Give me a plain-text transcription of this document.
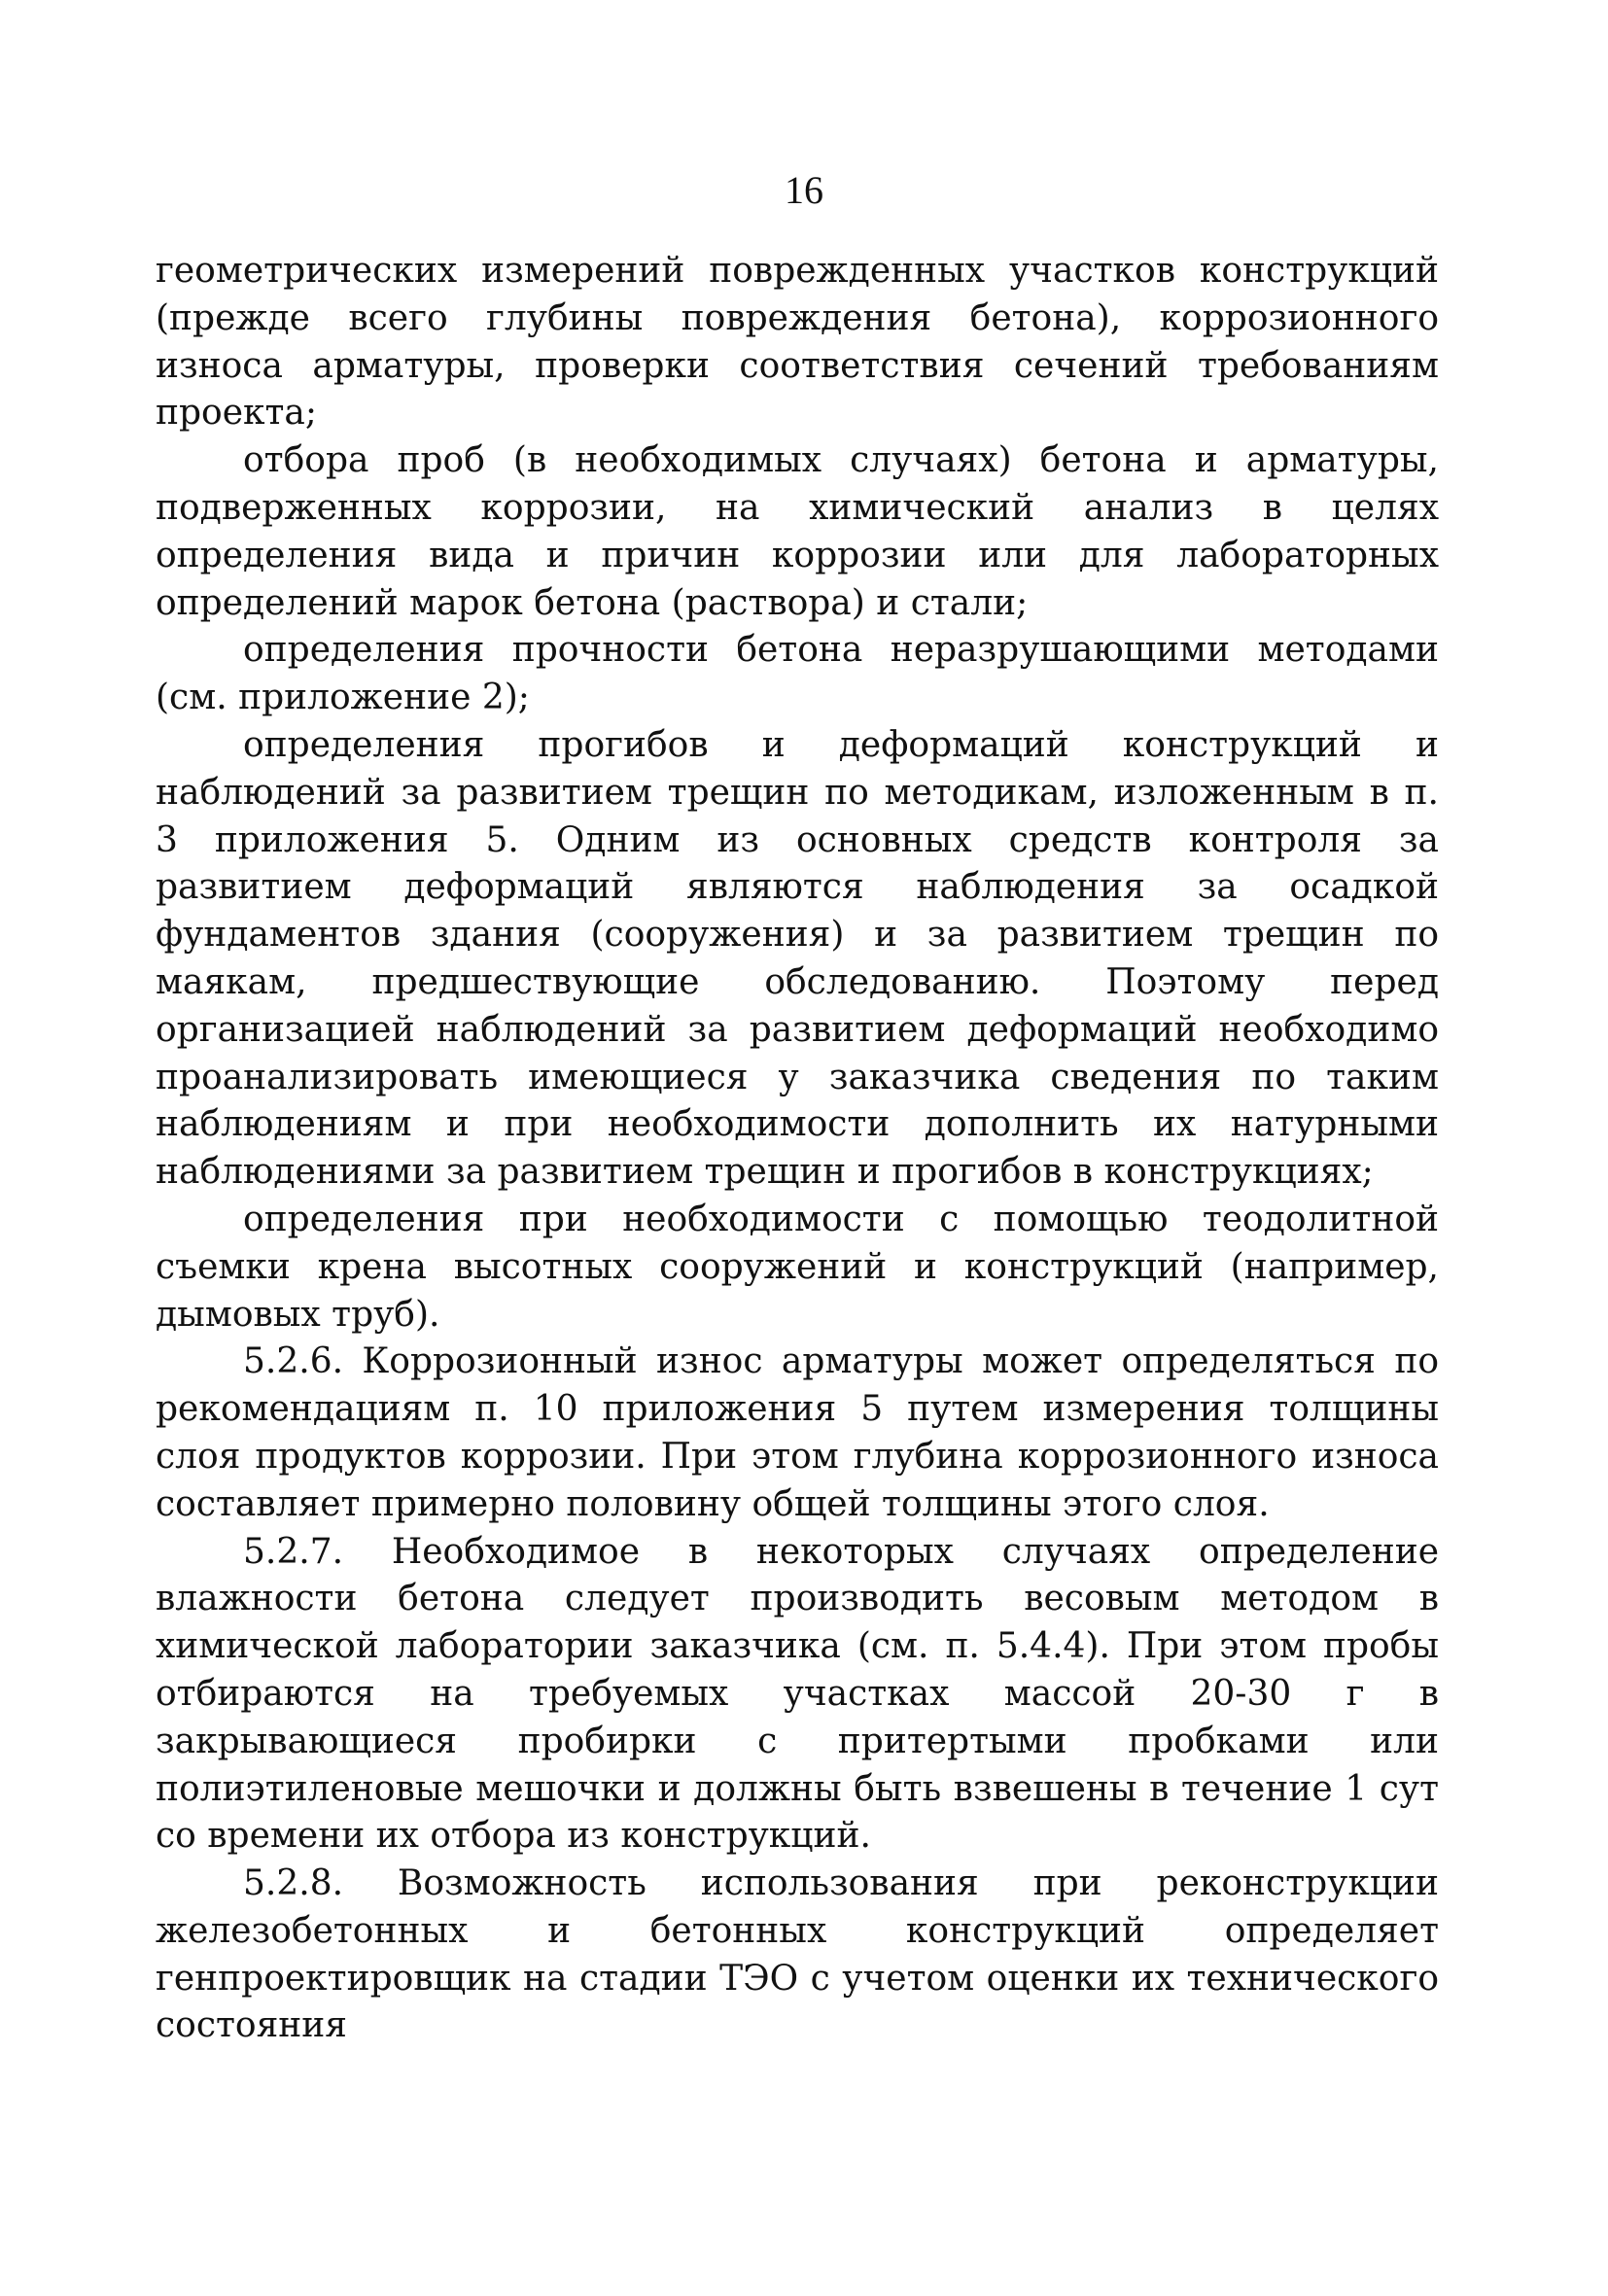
16

геометрических измерений поврежденных участков конструкций (прежде всего глубины повреждения бетона), коррозионного износа арматуры, проверки соответствия сечений требованиям проекта;

отбора проб (в необходимых случаях) бетона и арматуры, подверженных коррозии, на химический анализ в целях определения вида и причин коррозии или для лабораторных определений марок бетона (раствора) и стали;

определения прочности бетона неразрушающими методами (см. приложение 2);

определения прогибов и деформаций конструкций и наблюдений за развитием трещин по методикам, изложенным в п. 3 приложения 5. Одним из основных средств контроля за развитием деформаций являются наблюдения за осадкой фундаментов здания (сооружения) и за развитием трещин по маякам, предшествующие обследованию. Поэтому перед организацией наблюдений за развитием деформаций необходимо проанализировать имеющиеся у заказчика сведения по таким наблюдениям и при необходимости дополнить их натурными наблюдениями за развитием трещин и прогибов в конструкциях;

определения при необходимости с помощью теодолитной съемки крена высотных сооружений и конструкций (например, дымовых труб).

5.2.6. Коррозионный износ арматуры может определяться по рекомендациям п. 10 приложения 5 путем измерения толщины слоя продуктов коррозии. При этом глубина коррозионного износа составляет примерно половину общей толщины этого слоя.

5.2.7. Необходимое в некоторых случаях определение влажности бетона следует производить весовым методом в химической лаборатории заказчика (см. п. 5.4.4). При этом пробы отбираются на требуемых участках массой 20-30 г в закрывающиеся пробирки с притертыми пробками или полиэтиленовые мешочки и должны быть взвешены в течение 1 сут со времени их отбора из конструкций.

5.2.8. Возможность использования при реконструкции железобетонных и бетонных конструкций определяет генпроектировщик на стадии ТЭО с учетом оценки их технического состояния
